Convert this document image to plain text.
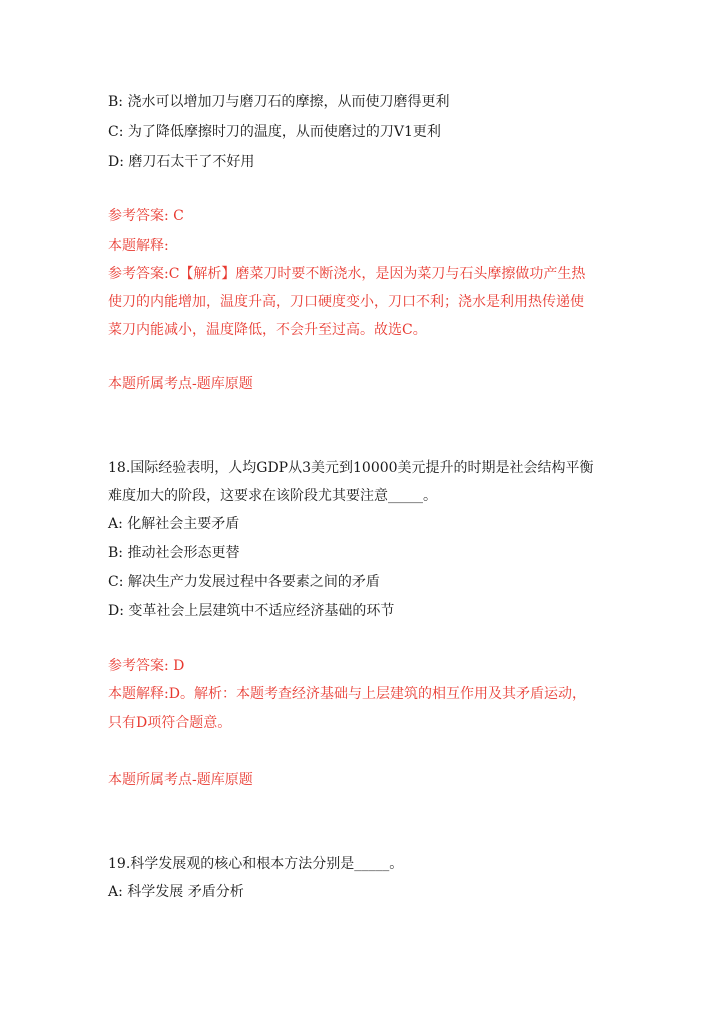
B: 浇水可以增加刀与磨刀石的摩擦，从而使刀磨得更利
C: 为了降低摩擦时刀的温度，从而使磨过的刀V1更利
D: 磨刀石太干了不好用
参考答案: C
本题解释:
参考答案:C【解析】磨菜刀时要不断浇水，是因为菜刀与石头摩擦做功产生热
使刀的内能增加，温度升高，刀口硬度变小，刀口不利；浇水是利用热传递使
菜刀内能减小，温度降低，不会升至过高。故选C。
本题所属考点-题库原题
18.国际经验表明，人均GDP从3美元到10000美元提升的时期是社会结构平衡
难度加大的阶段，这要求在该阶段尤其要注意_____。
A: 化解社会主要矛盾
B: 推动社会形态更替
C: 解决生产力发展过程中各要素之间的矛盾
D: 变革社会上层建筑中不适应经济基础的环节
参考答案: D
本题解释:D。解析：本题考查经济基础与上层建筑的相互作用及其矛盾运动，
只有D项符合题意。
本题所属考点-题库原题
19.科学发展观的核心和根本方法分别是_____。
A: 科学发展 矛盾分析
